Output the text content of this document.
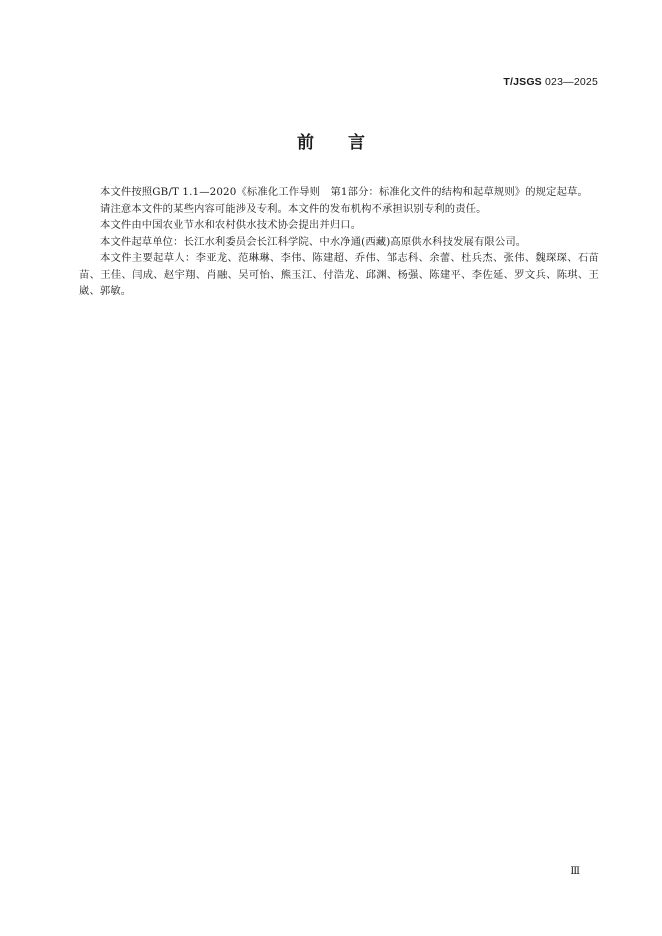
T/JSGS 023—2025
前言

本文件按照GB/T 1.1—2020《标准化工作导则　第1部分：标准化文件的结构和起草规则》的规定起草。

请注意本文件的某些内容可能涉及专利。本文件的发布机构不承担识别专利的责任。

本文件由中国农业节水和农村供水技术协会提出并归口。

本文件起草单位：长江水利委员会长江科学院、中水净通(西藏)高原供水科技发展有限公司。

本文件主要起草人：李亚龙、范琳琳、李伟、陈建超、乔伟、邹志科、余蕾、杜兵杰、张伟、魏琛琛、石苗苗、王佳、闫成、赵宇翔、肖融、吴可怡、熊玉江、付浩龙、邱渊、杨强、陈建平、李佐延、罗文兵、陈琪、王崴、郭敏。

Ⅲ
